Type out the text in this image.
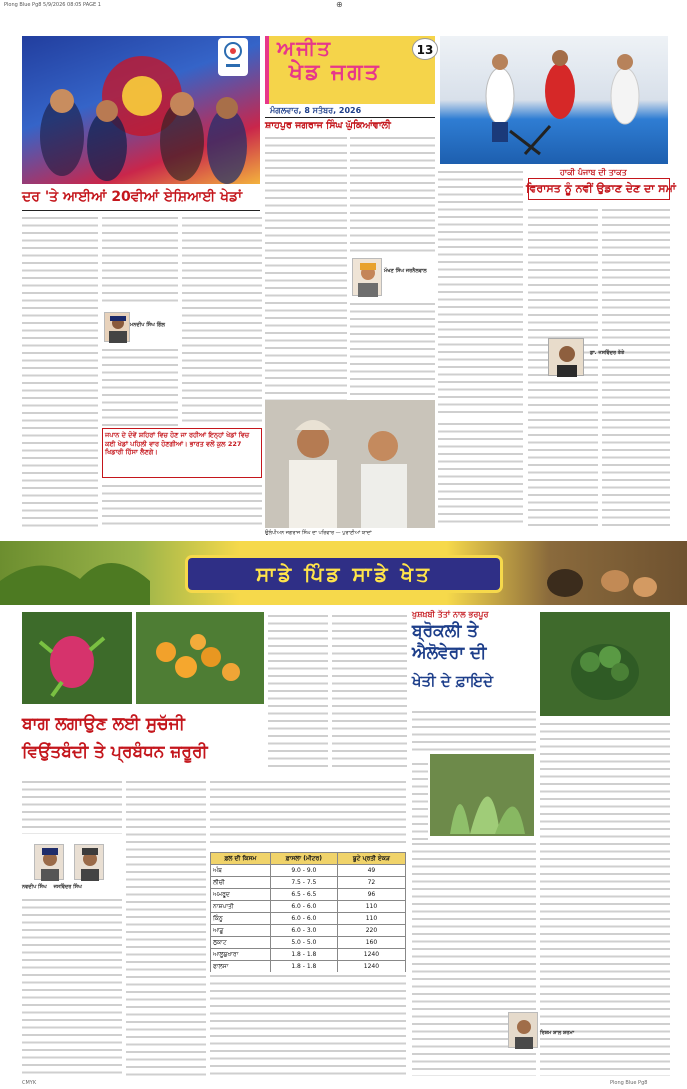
Plong Blue Pg8 5/9/2026 08:05 PAGE 1	⊕
ਦਰ 'ਤੇ ਆਈਆਂ 20ਵੀਆਂ ਏਸ਼ਿਆਈ ਖੇਡਾਂ
ਮਨਦੀਪ ਸਿੰਘ ਗਿੱਲ
ਜਪਾਨ ਦੇ ਦੋਵੇਂ ਸ਼ਹਿਰਾਂ ਵਿਚ ਹੋਣ ਜਾ ਰਹੀਆਂ ਇਨ੍ਹਾਂ ਖੇਡਾਂ ਵਿਚ ਕਈ ਖੇਡਾਂ ਪਹਿਲੀ ਵਾਰ ਹੋਣਗੀਆਂ। ਭਾਰਤ ਵਲੋਂ ਕੁਲ 227 ਖਿਡਾਰੀ ਹਿੱਸਾ ਲੈਣਗੇ।
ਅਜੀਤ
ਖੇਡ ਜਗਤ
13
ਮੰਗਲਵਾਰ, 8 ਸਤੰਬਰ, 2026
ਸ਼ਾਹਪੁਰ ਜਗਰਾਜ ਸਿੰਘ ਘੁੱਕਿਆਂਵਾਲੀ
ਮੱਖਣ ਸਿੰਘ ਜਰਨੈਲਵਾਲ
ਉਲੰਪੀਅਨ ਜਗਰਾਜ ਸਿੰਘ ਦਾ ਪਰਿਵਾਰ — ਪੁਰਾਣੀਆਂ ਯਾਦਾਂ
ਹਾਕੀ ਪੰਜਾਬ ਦੀ ਤਾਕਤ
ਵਿਰਾਸਤ ਨੂੰ ਨਵੀਂ ਉਡਾਣ ਦੇਣ ਦਾ ਸਮਾਂ
ਡਾ. ਜਸਵਿੰਦਰ ਤੱਤੇ
ਸਾਡੇ ਪਿੰਡ ਸਾਡੇ ਖੇਤ
ਬਾਗ ਲਗਾਉਣ ਲਈ ਸੁਚੱਜੀ
ਵਿਉਂਤਬੰਦੀ ਤੇ ਪ੍ਰਬੰਧਨ ਜ਼ਰੂਰੀ
ਨਵਦੀਪ ਸਿੰਘ    ਜਸਵਿੰਦਰ ਸਿੰਘ
ਫ਼ਲ ਦੀ ਕਿਸਮ	ਫ਼ਾਸਲਾ (ਮੀਟਰ)	ਬੂਟੇ ਪ੍ਰਤੀ ਏਕੜ
ਅੰਬ	9.0 - 9.0	49
ਲੀਚੀ	7.5 - 7.5	72
ਅਮਰੂਦ	6.5 - 6.5	96
ਨਾਸ਼ਪਾਤੀ	6.0 - 6.0	110
ਕਿੰਨੂ	6.0 - 6.0	110
ਆੜੂ	6.0 - 3.0	220
ਲੁਕਾਟ	5.0 - 5.0	160
ਆਲੂਬੁਖਾਰਾ	1.8 - 1.8	1240
ਫਾਲਸਾ	1.8 - 1.8	1240

ਖੁਸ਼ਖ਼ਬੀ ਤੱਤਾਂ ਨਾਲ ਭਰਪੂਰ
ਬ੍ਰੋਕਲੀ ਤੇ
ਐਲੋਵੇਰਾ ਦੀ
ਖੇਤੀ ਦੇ ਫ਼ਾਇਦੇ
ਰਿਸ਼ਮ ਸ਼ਾਲ ਸ਼ਰਮਾ
CMYK	Plong Blue Pg8
